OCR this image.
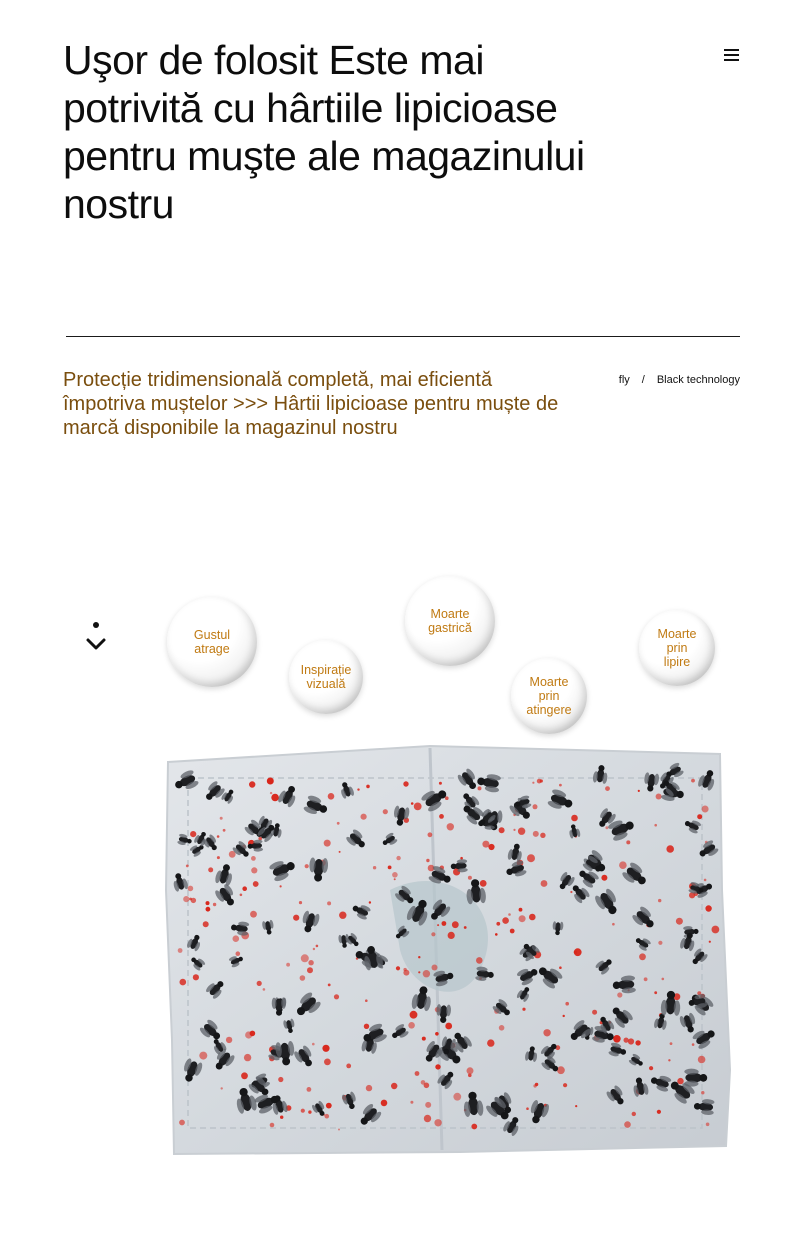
Uşor de folosit Este mai potrivită cu hârtiile lipicioase pentru muşte ale magazinului nostru

Protecție tridimensională completă, mai eficientă împotriva muștelor >>> Hârtii lipicioase pentru muște de marcă disponibile la magazinul nostru

fly / Black technology
Gustul
atrage
Inspirație
vizuală
Moarte
gastrică
Moarte
prin
atingere
Moarte
prin
lipire
